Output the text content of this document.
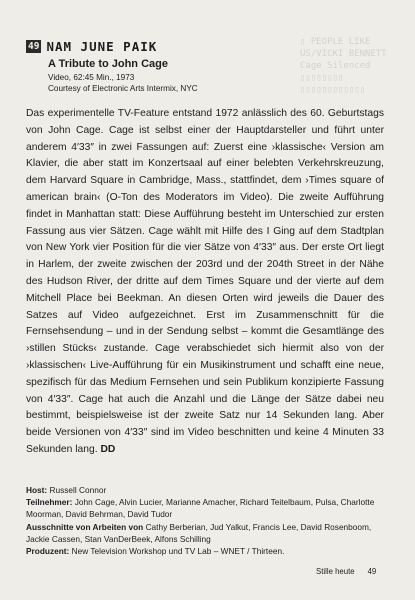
▯ PEOPLE LIKE US/VICKI BENNETT
Cage Silenced
▯▯▯▯▯▯▯▯
▯▯▯▯▯▯▯▯▯▯▯▯
49 NAM JUNE PAIK
A Tribute to John Cage
Video, 62:45 Min., 1973
Courtesy of Electronic Arts Intermix, NYC

Das experimentelle TV-Feature entstand 1972 anlässlich des 60. Geburtstags von John Cage. Cage ist selbst einer der Hauptdarsteller und führt unter anderem 4′33″ in zwei Fassungen auf: Zuerst eine ›klassische‹ Version am Klavier, die aber statt im Konzertsaal auf einer belebten Verkehrskreuzung, dem Harvard Square in Cambridge, Mass., stattfindet, dem ›Times square of american brain‹ (O-Ton des Moderators im Video). Die zweite Aufführung findet in Manhattan statt: Diese Aufführung besteht im Unterschied zur ersten Fassung aus vier Sätzen. Cage wählt mit Hilfe des I Ging auf dem Stadtplan von New York vier Position für die vier Sätze von 4′33″ aus. Der erste Ort liegt in Harlem, der zweite zwischen der 203rd und der 204th Street in der Nähe des Hudson River, der dritte auf dem Times Square und der vierte auf dem Mitchell Place bei Beekman. An diesen Orten wird jeweils die Dauer des Satzes auf Video aufgezeichnet. Erst im Zusammenschnitt für die Fernsehsendung – und in der Sendung selbst – kommt die Gesamtlänge des ›stillen Stücks‹ zustande. Cage verabschiedet sich hiermit also von der ›klassischen‹ Live-Aufführung für ein Musikinstrument und schafft eine neue, spezifisch für das Medium Fernsehen und sein Publikum konzipierte Fassung von 4′33″. Cage hat auch die Anzahl und die Länge der Sätze dabei neu bestimmt, beispielsweise ist der zweite Satz nur 14 Sekunden lang. Aber beide Versionen von 4′33″ sind im Video beschnitten und keine 4 Minuten 33 Sekunden lang. DD

Host: Russell Connor
Teilnehmer: John Cage, Alvin Lucier, Marianne Amacher, Richard Teitelbaum, Pulsa, Charlotte Moorman, David Behrman, David Tudor
Ausschnitte von Arbeiten von Cathy Berberian, Jud Yalkut, Francis Lee, David Rosenboom, Jackie Cassen, Stan VanDerBeek, Alfons Schilling
Produzent: New Television Workshop und TV Lab – WNET / Thirteen.
Stille heute 49
